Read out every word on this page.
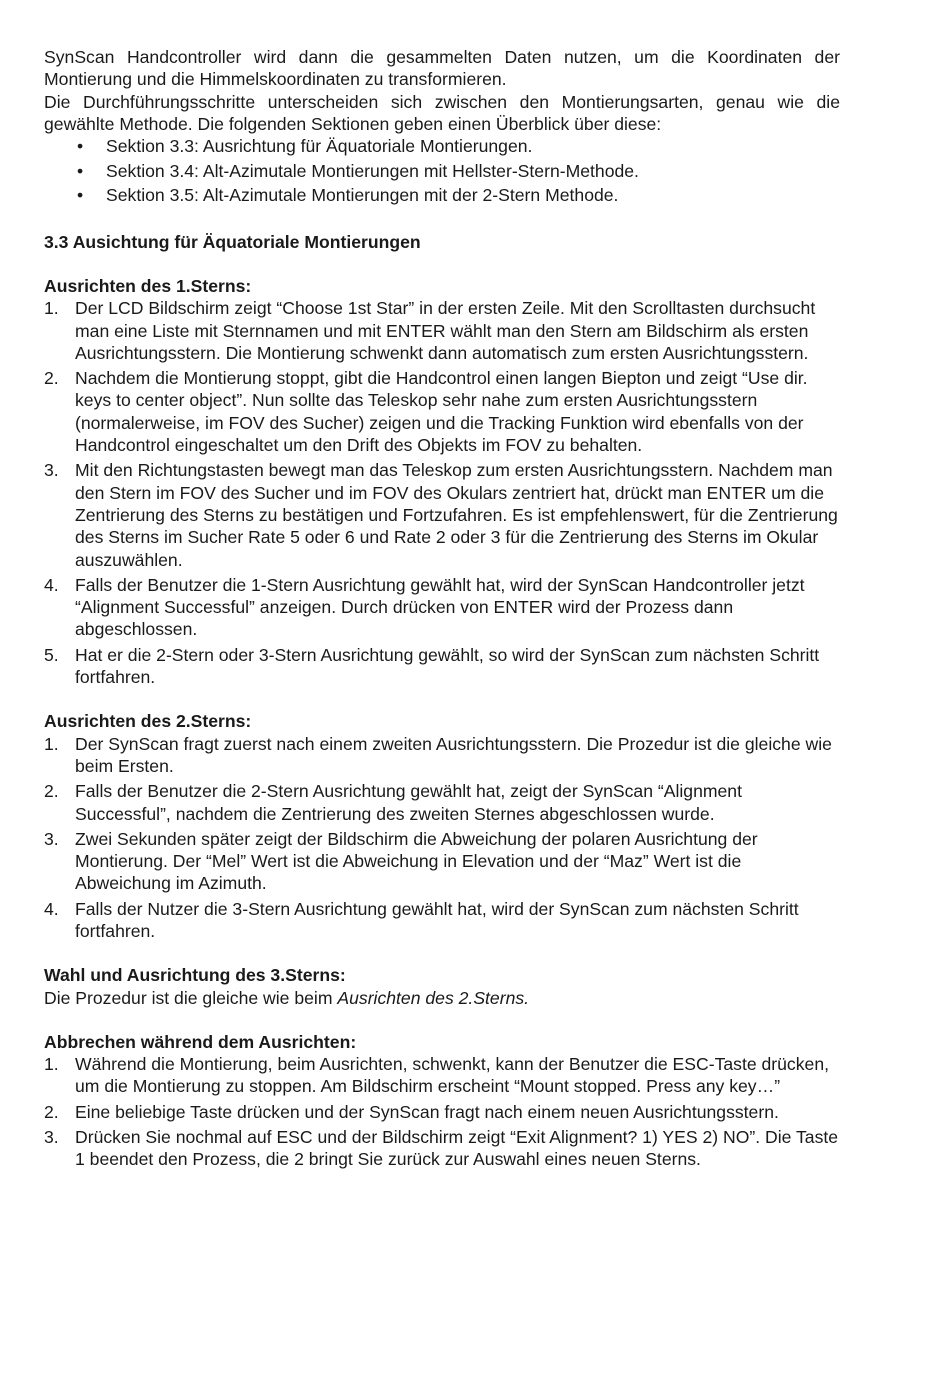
SynScan Handcontroller wird dann die gesammelten Daten nutzen, um die Koordinaten der Montierung und die Himmelskoordinaten zu transformieren.

Die Durchführungsschritte unterscheiden sich zwischen den Montierungsarten, genau wie die gewählte Methode. Die folgenden Sektionen geben einen Überblick über diese:

• Sektion 3.3: Ausrichtung für Äquatoriale Montierungen.
• Sektion 3.4: Alt-Azimutale Montierungen mit Hellster-Stern-Methode.
• Sektion 3.5: Alt-Azimutale Montierungen mit der 2-Stern Methode.
3.3 Ausichtung für Äquatoriale Montierungen
Ausrichten des 1.Sterns:
1. Der LCD Bildschirm zeigt “Choose 1st Star” in der ersten Zeile. Mit den Scrolltasten durchsucht man eine Liste mit Sternnamen und mit ENTER wählt man den Stern am Bildschirm als ersten Ausrichtungsstern. Die Montierung schwenkt dann automatisch zum ersten Ausrichtungsstern.
2. Nachdem die Montierung stoppt, gibt die Handcontrol einen langen Biepton und zeigt “Use dir. keys to center object”. Nun sollte das Teleskop sehr nahe zum ersten Ausrichtungsstern (normalerweise, im FOV des Sucher) zeigen und die Tracking Funktion wird ebenfalls von der Handcontrol eingeschaltet um den Drift des Objekts im FOV zu behalten.
3. Mit den Richtungstasten bewegt man das Teleskop zum ersten Ausrichtungsstern. Nachdem man den Stern im FOV des Sucher und im FOV des Okulars zentriert hat, drückt man ENTER um die Zentrierung des Sterns zu bestätigen und Fortzufahren. Es ist empfehlenswert, für die Zentrierung des Sterns im Sucher Rate 5 oder 6 und Rate 2 oder 3 für die Zentrierung des Sterns im Okular auszuwählen.
4. Falls der Benutzer die 1-Stern Ausrichtung gewählt hat, wird der SynScan Handcontroller jetzt “Alignment Successful” anzeigen. Durch drücken von ENTER wird der Prozess dann abgeschlossen.
5. Hat er die 2-Stern oder 3-Stern Ausrichtung gewählt, so wird der SynScan zum nächsten Schritt fortfahren.
Ausrichten des 2.Sterns:
1. Der SynScan fragt zuerst nach einem zweiten Ausrichtungsstern. Die Prozedur ist die gleiche wie beim Ersten.
2. Falls der Benutzer die 2-Stern Ausrichtung gewählt hat, zeigt der SynScan “Alignment Successful”, nachdem die Zentrierung des zweiten Sternes abgeschlossen wurde.
3. Zwei Sekunden später zeigt der Bildschirm die Abweichung der polaren Ausrichtung der Montierung. Der “Mel” Wert ist die Abweichung in Elevation und der “Maz” Wert ist die Abweichung im Azimuth.
4. Falls der Nutzer die 3-Stern Ausrichtung gewählt hat, wird der SynScan zum nächsten Schritt fortfahren.
Wahl und Ausrichtung des 3.Sterns:

Die Prozedur ist die gleiche wie beim Ausrichten des 2.Sterns.

Abbrechen während dem Ausrichten:
1. Während die Montierung, beim Ausrichten, schwenkt, kann der Benutzer die ESC-Taste drücken, um die Montierung zu stoppen. Am Bildschirm erscheint “Mount stopped. Press any key…”
2. Eine beliebige Taste drücken und der SynScan fragt nach einem neuen Ausrichtungsstern.
3. Drücken Sie nochmal auf ESC und der Bildschirm zeigt “Exit Alignment? 1) YES 2) NO”. Die Taste 1 beendet den Prozess, die 2 bringt Sie zurück zur Auswahl eines neuen Sterns.
